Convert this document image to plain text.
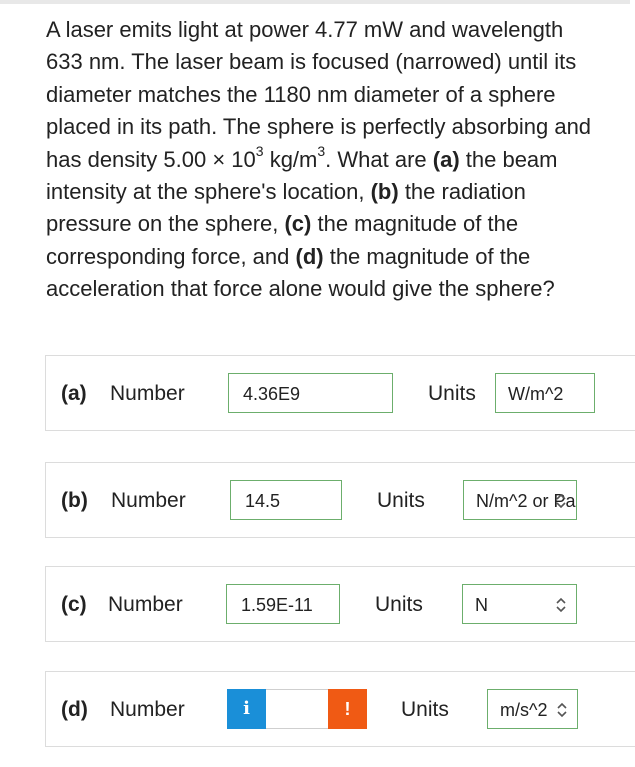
A laser emits light at power 4.77 mW and wavelength 633 nm. The laser beam is focused (narrowed) until its diameter matches the 1180 nm diameter of a sphere placed in its path. The sphere is perfectly absorbing and has density $5.00 \times 10^3$ $kg/m^3$. What are (a) the beam intensity at the sphere's location, (b) the radiation pressure on the sphere, (c) the magnitude of the corresponding force, and (d) the magnitude of the acceleration that force alone would give the sphere?
(a) Number	4.36E9	Units	W/m^2
(b) Number	14.5	Units	N/m^2 or Pa
(c) Number	1.59E-11	Units	N
(d) Number	i	!	Units	m/s^2
